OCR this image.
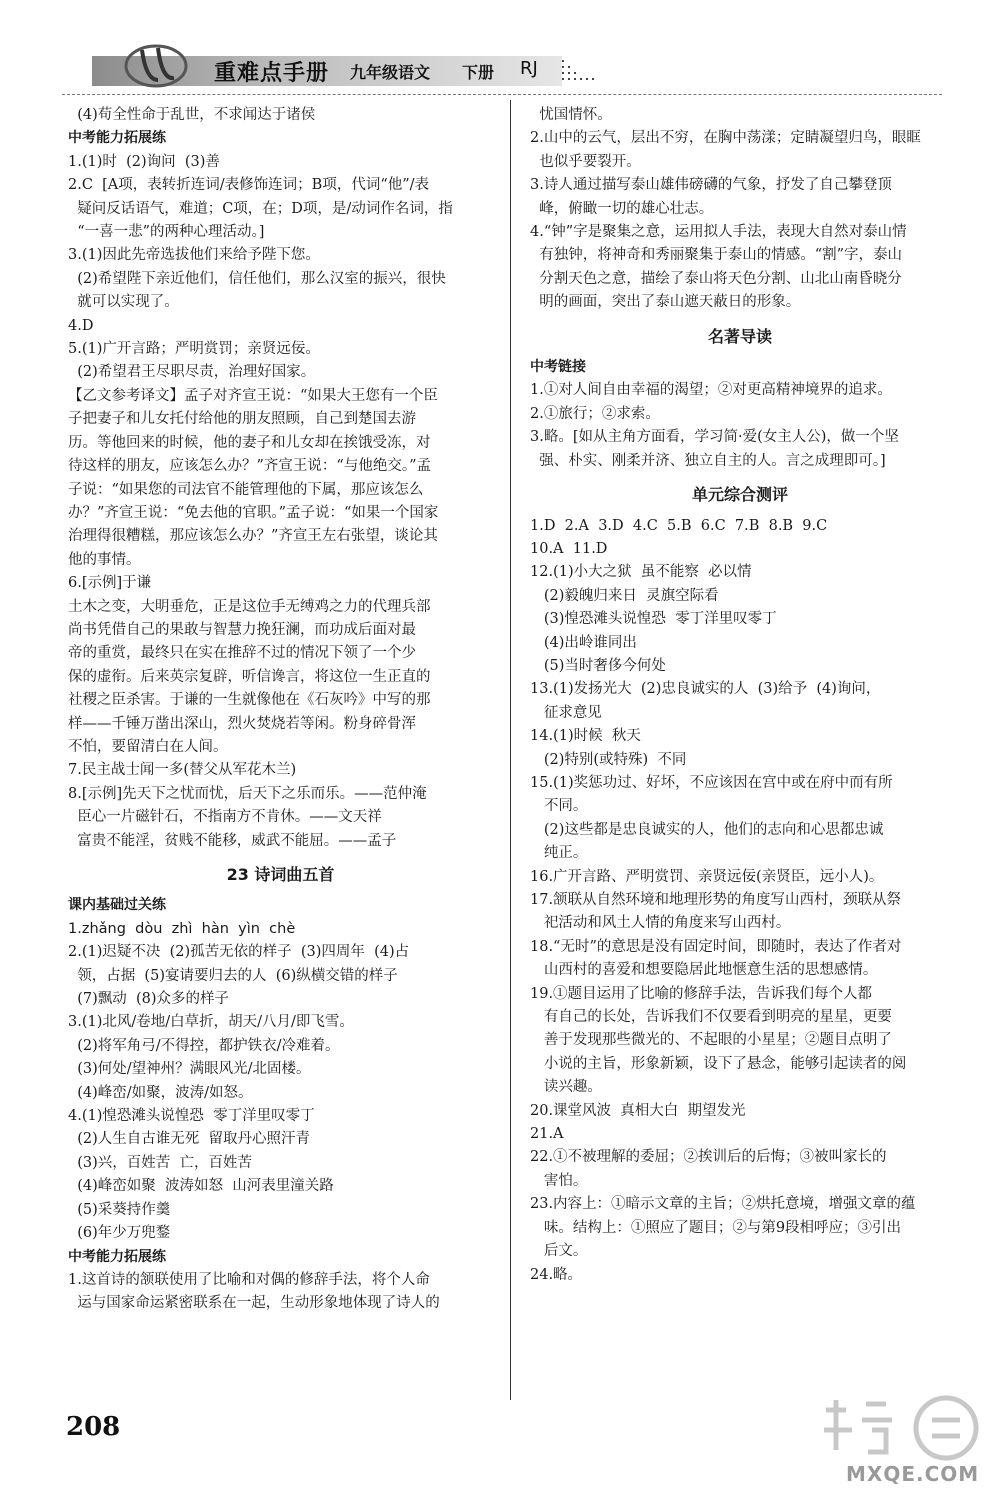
重难点手册 九年级语文 下册 RJ
(4)苟全性命于乱世，不求闻达于诸侯
中考能力拓展练
1.(1)时  (2)询问  (3)善
2.C  [A项，表转折连词/表修饰连词；B项，代词“他”/表
疑问反话语气，难道；C项，在；D项，是/动词作名词，指
“一喜一悲”的两种心理活动。]
3.(1)因此先帝选拔他们来给予陛下您。
(2)希望陛下亲近他们，信任他们，那么汉室的振兴，很快
就可以实现了。
4.D
5.(1)广开言路；严明赏罚；亲贤远佞。
(2)希望君王尽职尽责，治理好国家。
【乙文参考译文】孟子对齐宣王说：“如果大王您有一个臣
子把妻子和儿女托付给他的朋友照顾，自己到楚国去游
历。等他回来的时候，他的妻子和儿女却在挨饿受冻，对
待这样的朋友，应该怎么办？”齐宣王说：“与他绝交。”孟
子说：“如果您的司法官不能管理他的下属，那应该怎么
办？”齐宣王说：“免去他的官职。”孟子说：“如果一个国家
治理得很糟糕，那应该怎么办？”齐宣王左右张望，谈论其
他的事情。
6.[示例]于谦
土木之变，大明垂危，正是这位手无缚鸡之力的代理兵部
尚书凭借自己的果敢与智慧力挽狂澜，而功成后面对最
帝的重赏，最终只在实在推辞不过的情况下领了一个少
保的虚衔。后来英宗复辟，听信谗言，将这位一生正直的
社稷之臣杀害。于谦的一生就像他在《石灰吟》中写的那
样——千锤万凿出深山，烈火焚烧若等闲。粉身碎骨浑
不怕，要留清白在人间。
7.民主战士闻一多(替父从军花木兰)
8.[示例]先天下之忧而忧，后天下之乐而乐。——范仲淹
臣心一片磁针石，不指南方不肯休。——文天祥
富贵不能淫，贫贱不能移，威武不能屈。——孟子
23 诗词曲五首
课内基础过关练
1.zhǎng  dòu  zhì  hàn  yìn  chè
2.(1)迟疑不决  (2)孤苦无依的样子  (3)四周年  (4)占
领，占据  (5)宴请要归去的人  (6)纵横交错的样子
(7)飘动  (8)众多的样子
3.(1)北风/卷地/白草折，胡天/八月/即飞雪。
(2)将军角弓/不得控，都护铁衣/冷难着。
(3)何处/望神州？满眼风光/北固楼。
(4)峰峦/如聚，波涛/如怒。
4.(1)惶恐滩头说惶恐  零丁洋里叹零丁
(2)人生自古谁无死  留取丹心照汗青
(3)兴，百姓苦  亡，百姓苦
(4)峰峦如聚  波涛如怒  山河表里潼关路
(5)采葵持作羹
(6)年少万兜鍪
中考能力拓展练
1.这首诗的颔联使用了比喻和对偶的修辞手法，将个人命
运与国家命运紧密联系在一起，生动形象地体现了诗人的
忧国情怀。
2.山中的云气，层出不穷，在胸中荡漾；定睛凝望归鸟，眼眶
也似乎要裂开。
3.诗人通过描写泰山雄伟磅礴的气象，抒发了自己攀登顶
峰，俯瞰一切的雄心壮志。
4.“钟”字是聚集之意，运用拟人手法，表现大自然对泰山情
有独钟，将神奇和秀丽聚集于泰山的情感。“割”字，泰山
分割天色之意，描绘了泰山将天色分割、山北山南昏晓分
明的画面，突出了泰山遮天蔽日的形象。
名著导读
中考链接
1.①对人间自由幸福的渴望；②对更高精神境界的追求。
2.①旅行；②求索。
3.略。[如从主角方面看，学习简·爱(女主人公)，做一个坚
强、朴实、刚柔并济、独立自主的人。言之成理即可。]
单元综合测评
1.D  2.A  3.D  4.C  5.B  6.C  7.B  8.B  9.C
10.A  11.D
12.(1)小大之狱  虽不能察  必以情
(2)毅魄归来日  灵旗空际看
(3)惶恐滩头说惶恐  零丁洋里叹零丁
(4)出岭谁同出
(5)当时奢侈今何处
13.(1)发扬光大  (2)忠良诚实的人  (3)给予  (4)询问，
征求意见
14.(1)时候  秋天
(2)特别(或特殊)  不同
15.(1)奖惩功过、好坏，不应该因在宫中或在府中而有所
不同。
(2)这些都是忠良诚实的人，他们的志向和心思都忠诚
纯正。
16.广开言路、严明赏罚、亲贤远佞(亲贤臣，远小人)。
17.颔联从自然环境和地理形势的角度写山西村，颈联从祭
祀活动和风土人情的角度来写山西村。
18.“无时”的意思是没有固定时间，即随时，表达了作者对
山西村的喜爱和想要隐居此地惬意生活的思想感情。
19.①题目运用了比喻的修辞手法，告诉我们每个人都
有自己的长处，告诉我们不仅要看到明亮的星星，更要
善于发现那些微光的、不起眼的小星星；②题目点明了
小说的主旨，形象新颖，设下了悬念，能够引起读者的阅
读兴趣。
20.课堂风波  真相大白  期望发光
21.A
22.①不被理解的委屈；②挨训后的后悔；③被叫家长的
害怕。
23.内容上：①暗示文章的主旨；②烘托意境，增强文章的蕴
味。结构上：①照应了题目；②与第9段相呼应；③引出
后文。
24.略。
208
MXQE.COM
